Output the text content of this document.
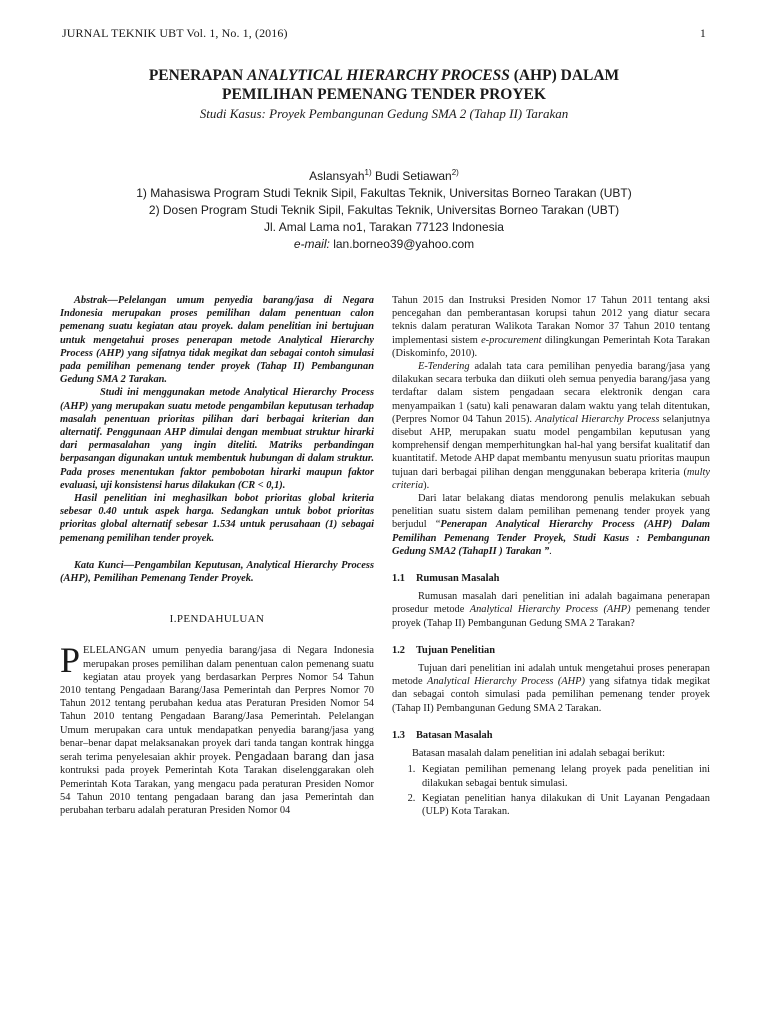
JURNAL TEKNIK UBT Vol. 1, No. 1, (2016)	1
PENERAPAN ANALYTICAL HIERARCHY PROCESS (AHP) DALAM
PEMILIHAN PEMENANG TENDER PROYEK
Studi Kasus: Proyek Pembangunan Gedung SMA 2 (Tahap II) Tarakan
Aslansyah$^{1)}$ Budi Setiawan$^{2)}$
1) Mahasiswa Program Studi Teknik Sipil, Fakultas Teknik, Universitas Borneo Tarakan (UBT)
2) Dosen Program Studi Teknik Sipil, Fakultas Teknik, Universitas Borneo Tarakan (UBT)
Jl. Amal Lama no1, Tarakan 77123 Indonesia
e-mail: lan.borneo39@yahoo.com

Abstrak—Pelelangan umum penyedia barang/jasa di Negara Indonesia merupakan proses pemilihan dalam penentuan calon pemenang suatu kegiatan atau proyek. dalam penelitian ini bertujuan untuk mengetahui proses penerapan metode Analytical Hierarchy Process (AHP) yang sifatnya tidak megikat dan sebagai contoh simulasi pada pemilihan pemenang tender proyek (Tahap II) Pembangunan Gedung SMA 2 Tarakan.

Studi ini menggunakan metode Analytical Hierarchy Process (AHP) yang merupakan suatu metode pengambilan keputusan terhadap masalah penentuan prioritas pilihan dari berbagai kriterian dan alternatif. Penggunaan AHP dimulai dengan membuat struktur hirarki dari permasalahan yang ingin diteliti. Matriks perbandingan berpasangan digunakan untuk membentuk hubungan di dalam struktur. Pada proses menentukan faktor pembobotan hirarki maupun faktor evaluasi, uji konsistensi harus dilakukan (CR < 0,1).

Hasil penelitian ini meghasilkan bobot prioritas global kriteria sebesar 0.40 untuk aspek harga. Sedangkan untuk bobot prioritas prioritas global alternatif sebesar 1.534 untuk perusahaan (1) sebagai pemenang pemilihan tender proyek.

Kata Kunci—Pengambilan Keputusan, Analytical Hierarchy Process (AHP), Pemilihan Pemenang Tender Proyek.
I.PENDAHULUAN

PELELANGAN umum penyedia barang/jasa di Negara Indonesia merupakan proses pemilihan dalam penentuan calon pemenang suatu kegiatan atau proyek yang berdasarkan Perpres Nomor 54 Tahun 2010 tentang Pengadaan Barang/Jasa Pemerintah dan Perpres Nomor 70 Tahun 2012 tentang perubahan kedua atas Peraturan Presiden Nomor 54 Tahun 2010 tentang Pengadaan Barang/Jasa Pemerintah. Pelelangan Umum merupakan cara untuk mendapatkan penyedia barang/jasa yang benar–benar dapat melaksanakan proyek dari tanda tangan kontrak hingga serah terima penyelesaian akhir proyek. Pengadaan barang dan jasa kontruksi pada proyek Pemerintah Kota Tarakan diselenggarakan oleh Pemerintah Kota Tarakan, yang mengacu pada peraturan Presiden Nomor 54 Tahun 2010 tentang pengadaan barang dan jasa Pemerintah dan perubahan terbaru adalah peraturan Presiden Nomor 04

Tahun 2015 dan Instruksi Presiden Nomor 17 Tahun 2011 tentang aksi pencegahan dan pemberantasan korupsi tahun 2012 yang diatur secara teknis dalam peraturan Walikota Tarakan Nomor 37 Tahun 2010 tentang implementasi sistem e-procurement dilingkungan Pemerintah Kota Tarakan (Diskominfo, 2010).

E-Tendering adalah tata cara pemilihan penyedia barang/jasa yang dilakukan secara terbuka dan diikuti oleh semua penyedia barang/jasa yang terdaftar dalam sistem pengadaan secara elektronik dengan cara menyampaikan 1 (satu) kali penawaran dalam waktu yang telah ditentukan, (Perpres Nomor 04 Tahun 2015). Analytical Hierarchy Process selanjutnya disebut AHP, merupakan suatu model pengambilan keputusan yang komprehensif dengan memperhitungkan hal-hal yang bersifat kualitatif dan kuantitatif. Metode AHP dapat membantu menyusun suatu prioritas maupun tujuan dari berbagai pilihan dengan menggunakan beberapa kriteria (multy criteria).

Dari latar belakang diatas mendorong penulis melakukan sebuah penelitian suatu sistem dalam pemilihan pemenang tender proyek yang berjudul “Penerapan Analytical Hierarchy Process (AHP) Dalam Pemilihan Pemenang Tender Proyek, Studi Kasus : Pembangunan Gedung SMA2 (TahapII ) Tarakan ”.

1.1 Rumusan Masalah

Rumusan masalah dari penelitian ini adalah bagaimana penerapan prosedur metode Analytical Hierarchy Process (AHP) pemenang tender proyek (Tahap II) Pembangunan Gedung SMA 2 Tarakan?

1.2 Tujuan Penelitian

Tujuan dari penelitian ini adalah untuk mengetahui proses penerapan metode Analytical Hierarchy Process (AHP) yang sifatnya tidak megikat dan sebagai contoh simulasi pada pemilihan pemenang tender proyek (Tahap II) Pembangunan Gedung SMA 2 Tarakan.

1.3 Batasan Masalah

Batasan masalah dalam penelitian ini adalah sebagai berikut:

1. Kegiatan pemilihan pemenang lelang proyek pada penelitian ini dilakukan sebagai bentuk simulasi.
2. Kegiatan penelitian hanya dilakukan di Unit Layanan Pengadaan (ULP) Kota Tarakan.
